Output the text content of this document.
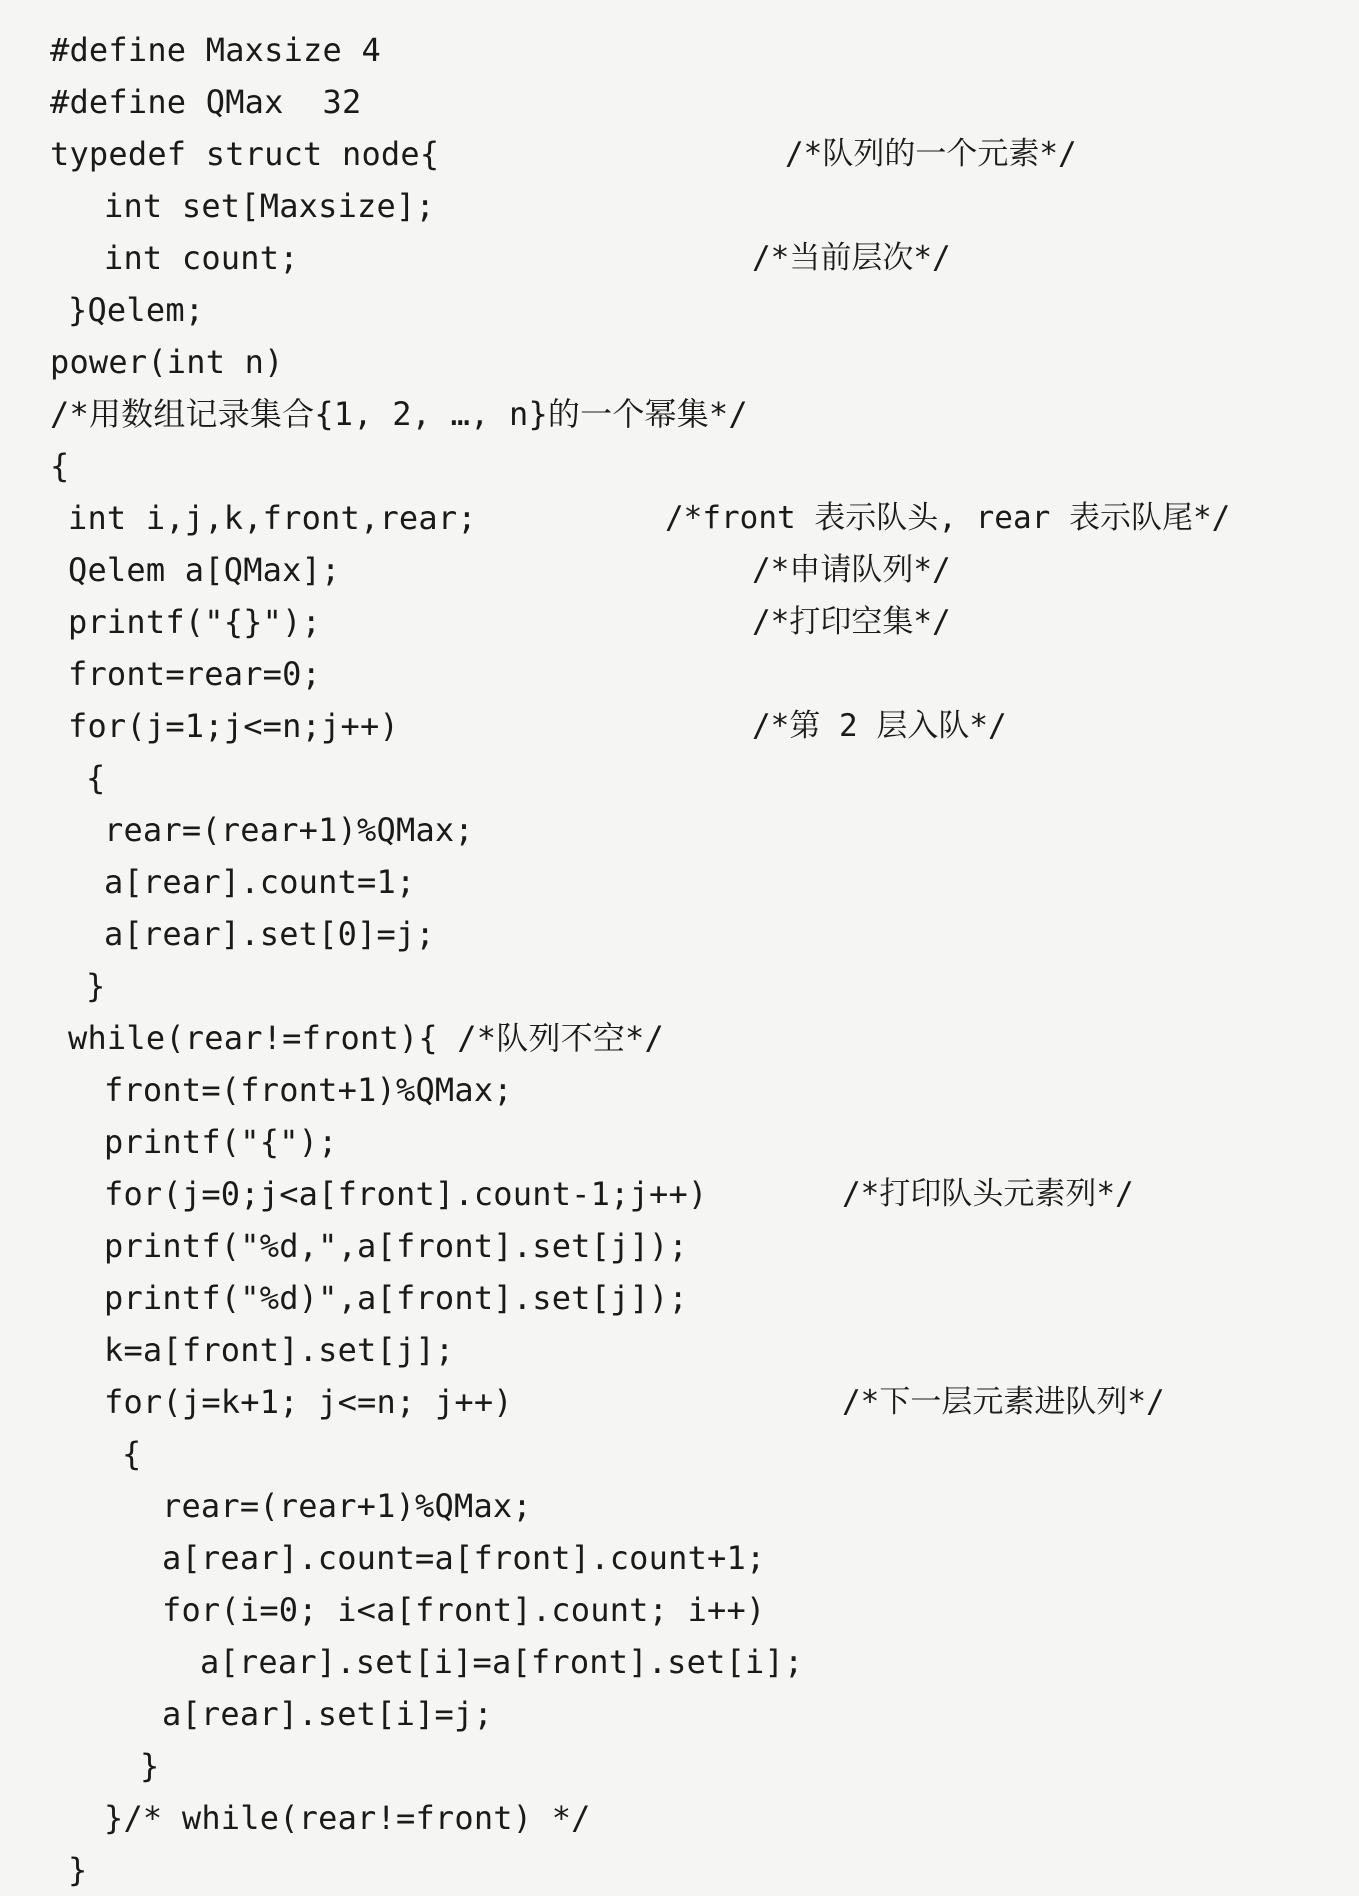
#define Maxsize 4
#define QMax  32
typedef struct node{	/*队列的一个元素*/
int set[Maxsize];
int count;	/*当前层次*/
}Qelem;
power(int n)
/*用数组记录集合{1, 2, …, n}的一个幂集*/
{
int i,j,k,front,rear;	/*front 表示队头, rear 表示队尾*/
Qelem a[QMax];	/*申请队列*/
printf("{}");	/*打印空集*/
front=rear=0;
for(j=1;j<=n;j++)	/*第 2 层入队*/
{
rear=(rear+1)%QMax;
a[rear].count=1;
a[rear].set[0]=j;
}
while(rear!=front){ /*队列不空*/
front=(front+1)%QMax;
printf("{");
for(j=0;j<a[front].count-1;j++)	/*打印队头元素列*/
printf("%d,",a[front].set[j]);
printf("%d)",a[front].set[j]);
k=a[front].set[j];
for(j=k+1; j<=n; j++)	/*下一层元素进队列*/
{
rear=(rear+1)%QMax;
a[rear].count=a[front].count+1;
for(i=0; i<a[front].count; i++)
a[rear].set[i]=a[front].set[i];
a[rear].set[i]=j;
}
}/* while(rear!=front) */
}
